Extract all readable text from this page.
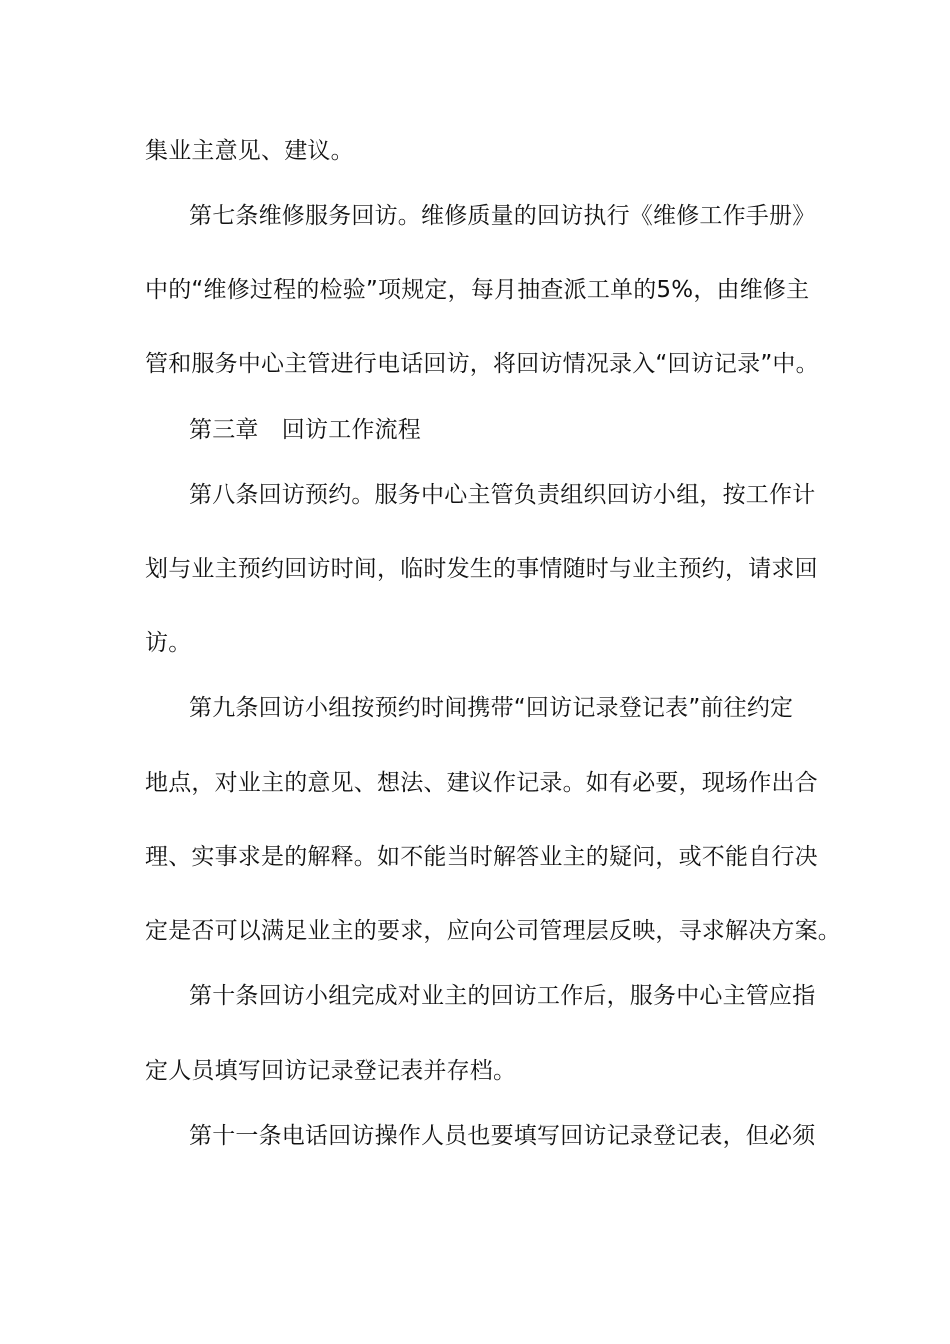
集业主意见、建议。
第七条维修服务回访。维修质量的回访执行《维修工作手册》
中的“维修过程的检验”项规定，每月抽查派工单的5%，由维修主
管和服务中心主管进行电话回访，将回访情况录入“回访记录”中。
第三章　回访工作流程
第八条回访预约。服务中心主管负责组织回访小组，按工作计
划与业主预约回访时间，临时发生的事情随时与业主预约，请求回
访。
第九条回访小组按预约时间携带“回访记录登记表”前往约定
地点，对业主的意见、想法、建议作记录。如有必要，现场作出合
理、实事求是的解释。如不能当时解答业主的疑问，或不能自行决
定是否可以满足业主的要求，应向公司管理层反映，寻求解决方案。
第十条回访小组完成对业主的回访工作后，服务中心主管应指
定人员填写回访记录登记表并存档。
第十一条电话回访操作人员也要填写回访记录登记表，但必须
